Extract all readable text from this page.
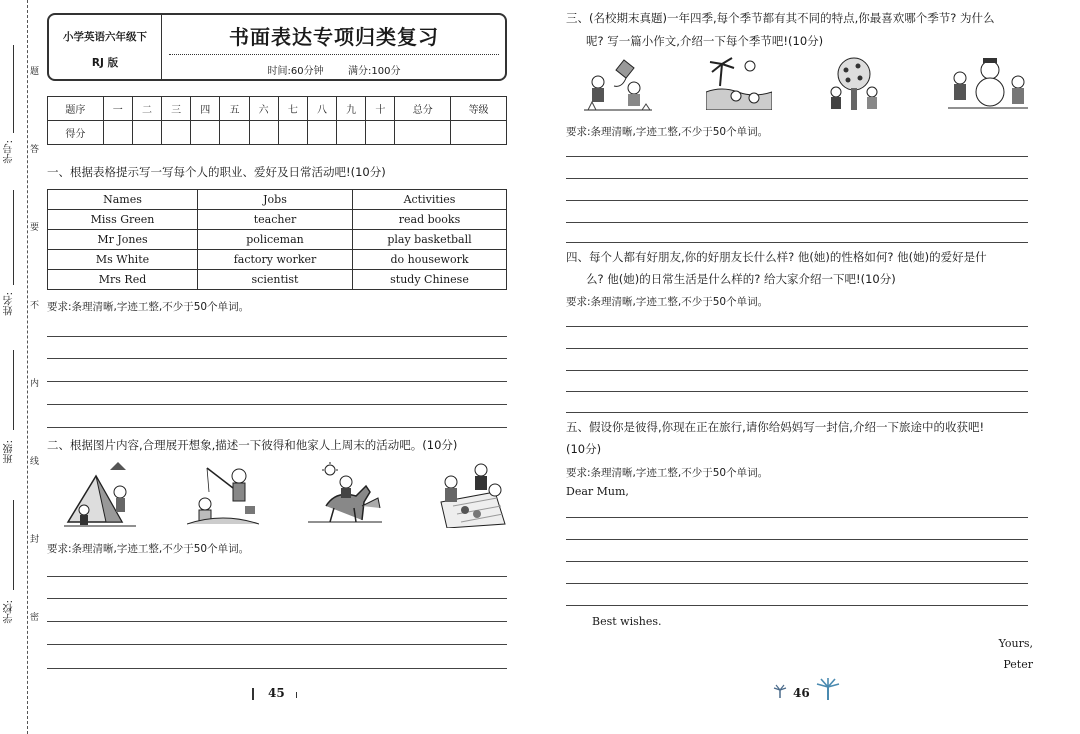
学校:
班级:
姓名:
学号:
题
答
要
不
内
线
封
密
小学英语六年级下
RJ 版
书面表达专项归类复习
时间:60分钟 满分:100分
题序	一	二	三	四	五	六	七	八	九	十	总分	等级
得分												
一、根据表格提示写一写每个人的职业、爱好及日常活动吧!(10分)
Names	Jobs	Activities
Miss Green	teacher	read books
Mr Jones	policeman	play basketball
Ms White	factory worker	do housework
Mrs Red	scientist	study Chinese
要求:条理清晰,字迹工整,不少于50个单词。
二、根据图片内容,合理展开想象,描述一下彼得和他家人上周末的活动吧。(10分)
要求:条理清晰,字迹工整,不少于50个单词。
45
三、(名校期末真题)一年四季,每个季节都有其不同的特点,你最喜欢哪个季节? 为什么
呢? 写一篇小作文,介绍一下每个季节吧!(10分)
要求:条理清晰,字迹工整,不少于50个单词。
四、每个人都有好朋友,你的好朋友长什么样? 他(她)的性格如何? 他(她)的爱好是什
么? 他(她)的日常生活是什么样的? 给大家介绍一下吧!(10分)
要求:条理清晰,字迹工整,不少于50个单词。
五、假设你是彼得,你现在正在旅行,请你给妈妈写一封信,介绍一下旅途中的收获吧!
(10分)
要求:条理清晰,字迹工整,不少于50个单词。
Dear Mum,
Best wishes.
Yours,
Peter
46
